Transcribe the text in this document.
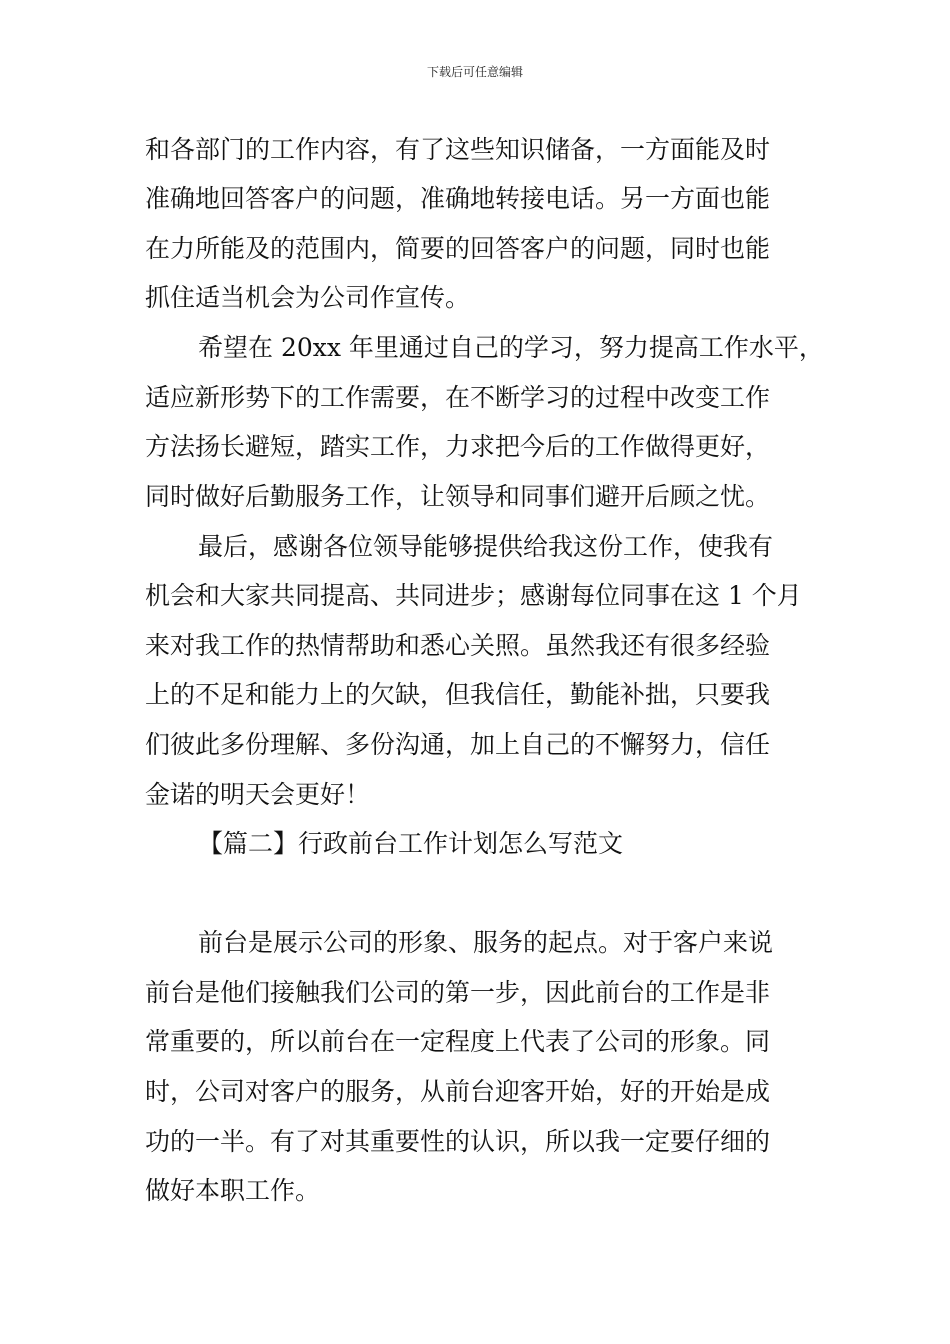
下载后可任意编辑
和各部门的工作内容，有了这些知识储备，一方面能及时
准确地回答客户的问题，准确地转接电话。另一方面也能
在力所能及的范围内，简要的回答客户的问题，同时也能
抓住适当机会为公司作宣传。
希望在 20xx 年里通过自己的学习，努力提高工作水平，
适应新形势下的工作需要，在不断学习的过程中改变工作
方法扬长避短，踏实工作，力求把今后的工作做得更好，
同时做好后勤服务工作，让领导和同事们避开后顾之忧。
最后，感谢各位领导能够提供给我这份工作，使我有
机会和大家共同提高、共同进步；感谢每位同事在这 1 个月
来对我工作的热情帮助和悉心关照。虽然我还有很多经验
上的不足和能力上的欠缺，但我信任，勤能补拙，只要我
们彼此多份理解、多份沟通，加上自己的不懈努力，信任
金诺的明天会更好！
【篇二】行政前台工作计划怎么写范文
前台是展示公司的形象、服务的起点。对于客户来说
前台是他们接触我们公司的第一步，因此前台的工作是非
常重要的，所以前台在一定程度上代表了公司的形象。同
时，公司对客户的服务，从前台迎客开始，好的开始是成
功的一半。有了对其重要性的认识，所以我一定要仔细的
做好本职工作。
